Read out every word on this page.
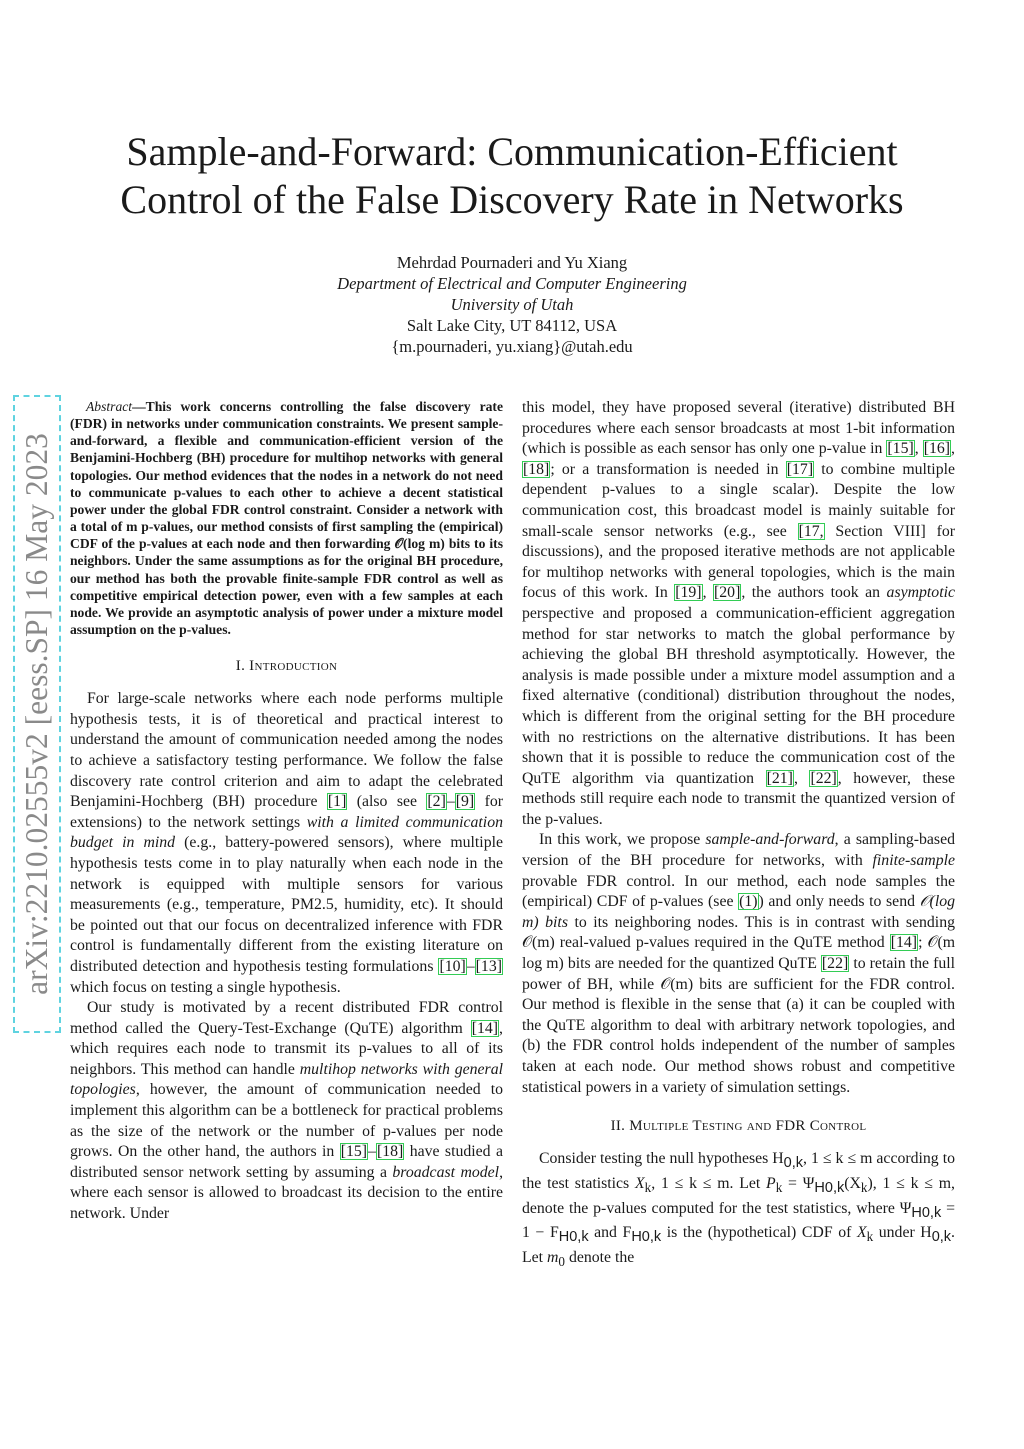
Sample-and-Forward: Communication-Efficient
Control of the False Discovery Rate in Networks
Mehrdad Pournaderi and Yu Xiang
Department of Electrical and Computer Engineering
University of Utah
Salt Lake City, UT 84112, USA
{m.pournaderi, yu.xiang}@utah.edu
arXiv:2210.02555v2 [eess.SP] 16 May 2023

Abstract—This work concerns controlling the false discovery rate (FDR) in networks under communication constraints. We present sample-and-forward, a flexible and communication-efficient version of the Benjamini-Hochberg (BH) procedure for multihop networks with general topologies. Our method evidences that the nodes in a network do not need to communicate p-values to each other to achieve a decent statistical power under the global FDR control constraint. Consider a network with a total of m p-values, our method consists of first sampling the (empirical) CDF of the p-values at each node and then forwarding 𝒪(log m) bits to its neighbors. Under the same assumptions as for the original BH procedure, our method has both the provable finite-sample FDR control as well as competitive empirical detection power, even with a few samples at each node. We provide an asymptotic analysis of power under a mixture model assumption on the p-values.

I. Introduction

For large-scale networks where each node performs multiple hypothesis tests, it is of theoretical and practical interest to understand the amount of communication needed among the nodes to achieve a satisfactory testing performance. We follow the false discovery rate control criterion and aim to adapt the celebrated Benjamini-Hochberg (BH) procedure [1] (also see [2]–[9] for extensions) to the network settings with a limited communication budget in mind (e.g., battery-powered sensors), where multiple hypothesis tests come in to play naturally when each node in the network is equipped with multiple sensors for various measurements (e.g., temperature, PM2.5, humidity, etc). It should be pointed out that our focus on decentralized inference with FDR control is fundamentally different from the existing literature on distributed detection and hypothesis testing formulations [10]–[13] which focus on testing a single hypothesis.

Our study is motivated by a recent distributed FDR control method called the Query-Test-Exchange (QuTE) algorithm [14], which requires each node to transmit its p-values to all of its neighbors. This method can handle multihop networks with general topologies, however, the amount of communication needed to implement this algorithm can be a bottleneck for practical problems as the size of the network or the number of p-values per node grows. On the other hand, the authors in [15]–[18] have studied a distributed sensor network setting by assuming a broadcast model, where each sensor is allowed to broadcast its decision to the entire network. Under

this model, they have proposed several (iterative) distributed BH procedures where each sensor broadcasts at most 1-bit information (which is possible as each sensor has only one p-value in [15], [16], [18]; or a transformation is needed in [17] to combine multiple dependent p-values to a single scalar). Despite the low communication cost, this broadcast model is mainly suitable for small-scale sensor networks (e.g., see [17, Section VIII] for discussions), and the proposed iterative methods are not applicable for multihop networks with general topologies, which is the main focus of this work. In [19], [20], the authors took an asymptotic perspective and proposed a communication-efficient aggregation method for star networks to match the global performance by achieving the global BH threshold asymptotically. However, the analysis is made possible under a mixture model assumption and a fixed alternative (conditional) distribution throughout the nodes, which is different from the original setting for the BH procedure with no restrictions on the alternative distributions. It has been shown that it is possible to reduce the communication cost of the QuTE algorithm via quantization [21], [22], however, these methods still require each node to transmit the quantized version of the p-values.

In this work, we propose sample-and-forward, a sampling-based version of the BH procedure for networks, with finite-sample provable FDR control. In our method, each node samples the (empirical) CDF of p-values (see (1)) and only needs to send 𝒪(log m) bits to its neighboring nodes. This is in contrast with sending 𝒪(m) real-valued p-values required in the QuTE method [14]; 𝒪(m log m) bits are needed for the quantized QuTE [22] to retain the full power of BH, while 𝒪(m) bits are sufficient for the FDR control. Our method is flexible in the sense that (a) it can be coupled with the QuTE algorithm to deal with arbitrary network topologies, and (b) the FDR control holds independent of the number of samples taken at each node. Our method shows robust and competitive statistical powers in a variety of simulation settings.

II. Multiple Testing and FDR Control

Consider testing the null hypotheses $H_{0,k}$, 1 ≤ k ≤ m according to the test statistics $X_k$, 1 ≤ k ≤ m. Let $P_k = \Psi_{H0,k}(X_k)$, 1 ≤ k ≤ m, denote the p-values computed for the test statistics, where $\Psi_{H0,k} = 1 - F_{H0,k}$ and $F_{H0,k}$ is the (hypothetical) CDF of $X_k$ under $H_{0,k}$. Let $m_0$ denote the
